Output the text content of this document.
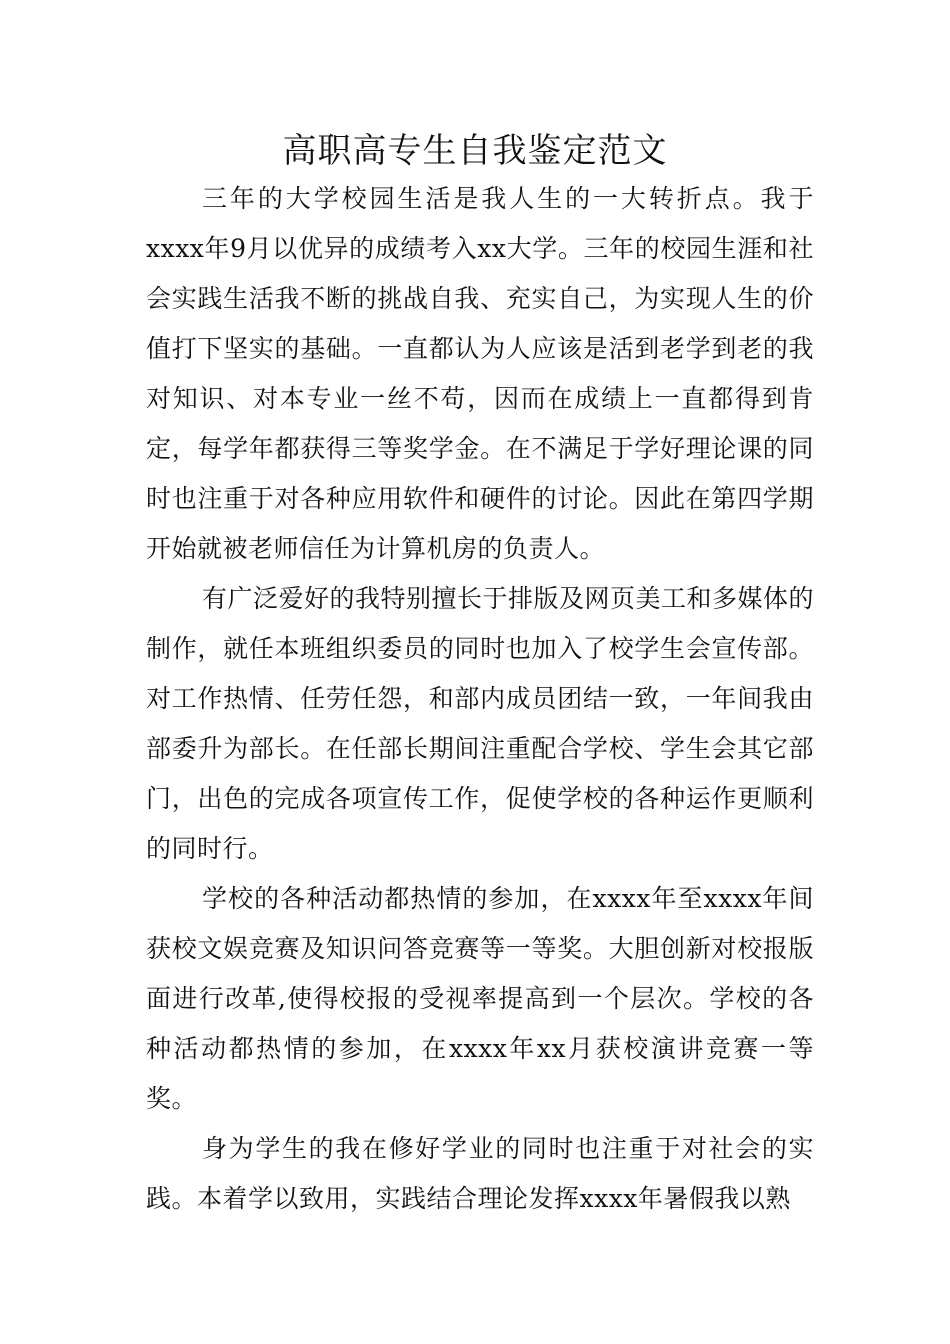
高职高专生自我鉴定范文

三年的大学校园生活是我人生的一大转折点。我于xxxx年9月以优异的成绩考入xx大学。三年的校园生涯和社会实践生活我不断的挑战自我、充实自己，为实现人生的价值打下坚实的基础。一直都认为人应该是活到老学到老的我对知识、对本专业一丝不苟，因而在成绩上一直都得到肯定，每学年都获得三等奖学金。在不满足于学好理论课的同时也注重于对各种应用软件和硬件的讨论。因此在第四学期开始就被老师信任为计算机房的负责人。

有广泛爱好的我特别擅长于排版及网页美工和多媒体的制作，就任本班组织委员的同时也加入了校学生会宣传部。对工作热情、任劳任怨，和部内成员团结一致，一年间我由部委升为部长。在任部长期间注重配合学校、学生会其它部门，出色的完成各项宣传工作，促使学校的各种运作更顺利的同时行。

学校的各种活动都热情的参加，在xxxx年至xxxx年间获校文娱竞赛及知识问答竞赛等一等奖。大胆创新对校报版面进行改革,使得校报的受视率提高到一个层次。学校的各种活动都热情的参加，在xxxx年xx月获校演讲竞赛一等奖。

身为学生的我在修好学业的同时也注重于对社会的实践。本着学以致用，实践结合理论发挥xxxx年暑假我以熟
